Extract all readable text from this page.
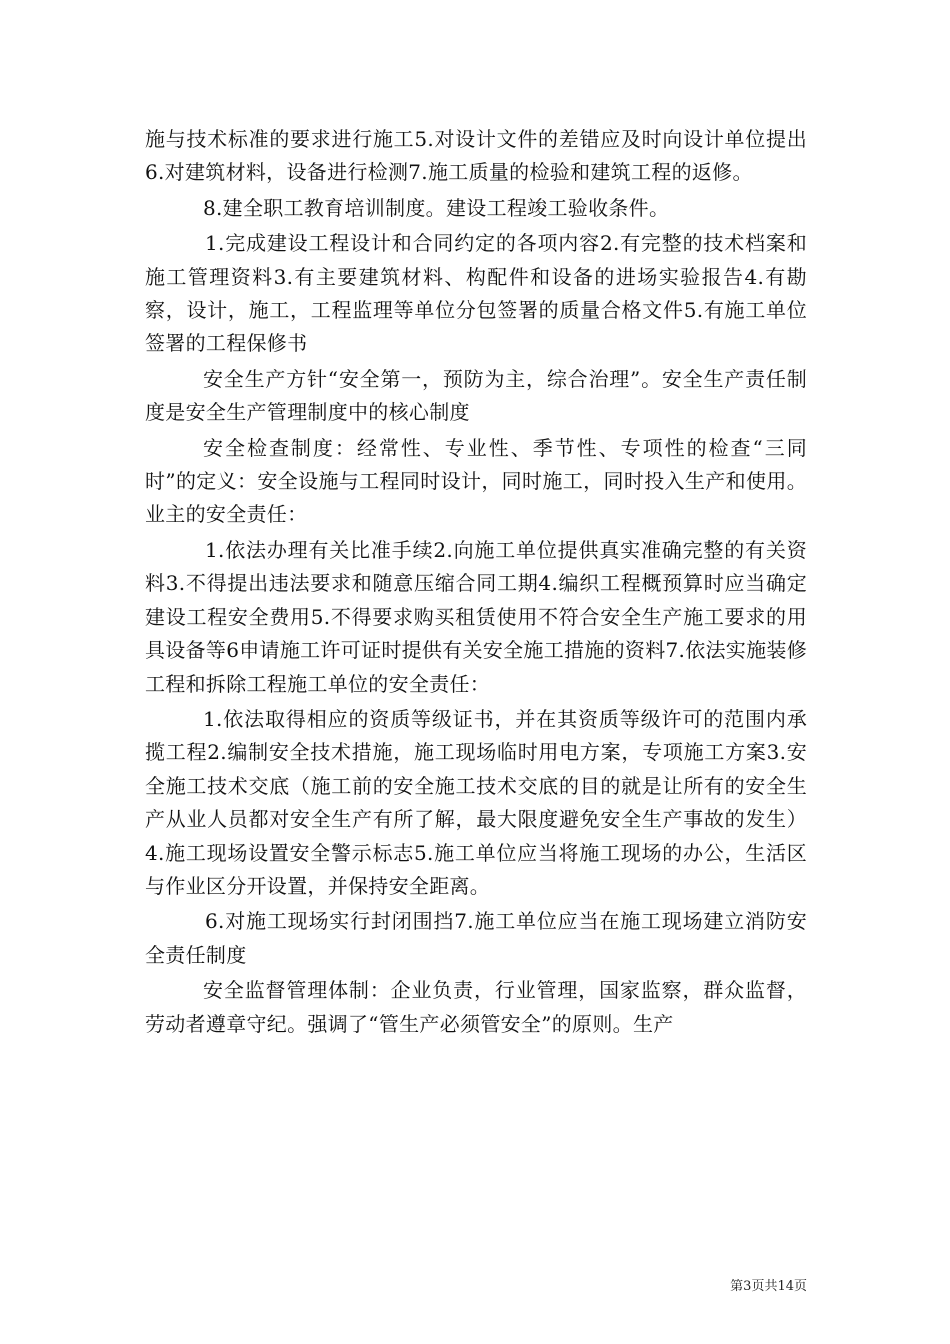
施与技术标准的要求进行施工5.对设计文件的差错应及时向设计单位提出6.对建筑材料，设备进行检测7.施工质量的检验和建筑工程的返修。

8.建全职工教育培训制度。建设工程竣工验收条件。

1.完成建设工程设计和合同约定的各项内容2.有完整的技术档案和施工管理资料3.有主要建筑材料、构配件和设备的进场实验报告4.有勘察，设计，施工，工程监理等单位分包签署的质量合格文件5.有施工单位签署的工程保修书

安全生产方针“安全第一，预防为主，综合治理”。安全生产责任制度是安全生产管理制度中的核心制度

安全检查制度：经常性、专业性、季节性、专项性的检查“三同时”的定义：安全设施与工程同时设计，同时施工，同时投入生产和使用。业主的安全责任：

1.依法办理有关比准手续2.向施工单位提供真实准确完整的有关资料3.不得提出违法要求和随意压缩合同工期4.编织工程概预算时应当确定建设工程安全费用5.不得要求购买租赁使用不符合安全生产施工要求的用具设备等6申请施工许可证时提供有关安全施工措施的资料7.依法实施装修工程和拆除工程施工单位的安全责任：

1.依法取得相应的资质等级证书，并在其资质等级许可的范围内承揽工程2.编制安全技术措施，施工现场临时用电方案，专项施工方案3.安全施工技术交底（施工前的安全施工技术交底的目的就是让所有的安全生产从业人员都对安全生产有所了解，最大限度避免安全生产事故的发生）4.施工现场设置安全警示标志5.施工单位应当将施工现场的办公，生活区与作业区分开设置，并保持安全距离。

6.对施工现场实行封闭围挡7.施工单位应当在施工现场建立消防安全责任制度

安全监督管理体制：企业负责，行业管理，国家监察，群众监督，劳动者遵章守纪。强调了“管生产必须管安全”的原则。生产

第3页共14页
